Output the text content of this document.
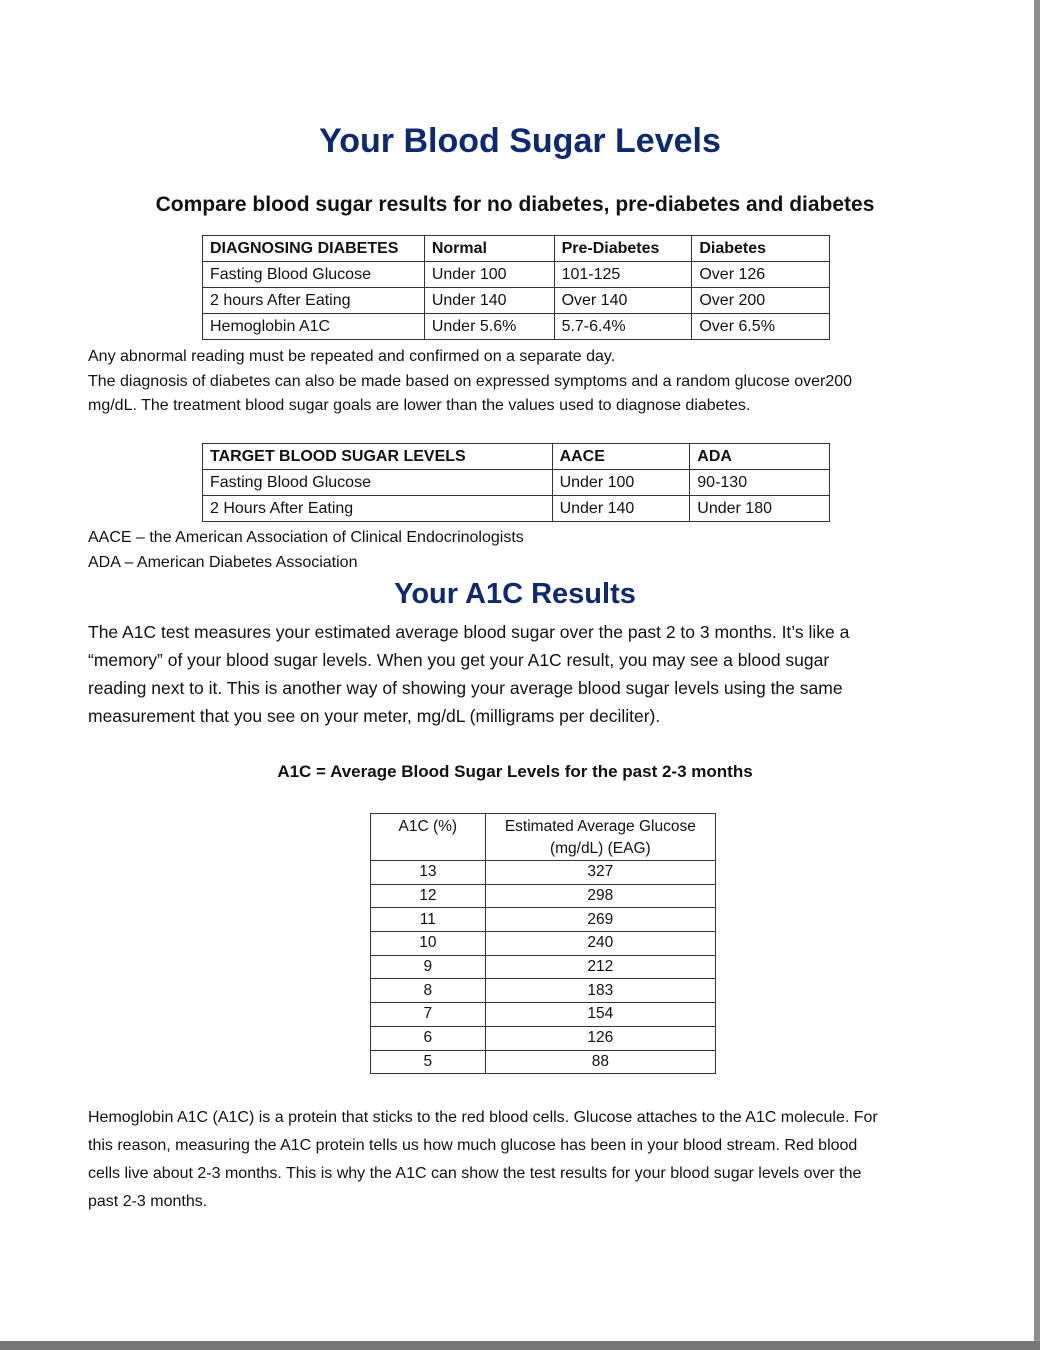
Your Blood Sugar Levels
Compare blood sugar results for no diabetes, pre-diabetes and diabetes
DIAGNOSING DIABETES	Normal	Pre-Diabetes	Diabetes
Fasting Blood Glucose	Under 100	101-125	Over 126
2 hours After Eating	Under 140	Over 140	Over 200
Hemoglobin A1C	Under 5.6%	5.7-6.4%	Over 6.5%
Any abnormal reading must be repeated and confirmed on a separate day.
The diagnosis of diabetes can also be made based on expressed symptoms and a random glucose over200
mg/dL. The treatment blood sugar goals are lower than the values used to diagnose diabetes.
TARGET BLOOD SUGAR LEVELS	AACE	ADA
Fasting Blood Glucose	Under 100	90-130
2 Hours After Eating	Under 140	Under 180
AACE – the American Association of Clinical Endocrinologists
ADA – American Diabetes Association
Your A1C Results
The A1C test measures your estimated average blood sugar over the past 2 to 3 months. It’s like a
“memory” of your blood sugar levels. When you get your A1C result, you may see a blood sugar
reading next to it. This is another way of showing your average blood sugar levels using the same
measurement that you see on your meter, mg/dL (milligrams per deciliter).
A1C = Average Blood Sugar Levels for the past 2-3 months
A1C (%)	Estimated Average Glucose
(mg/dL) (EAG)

13	327
12	298
11	269
10	240
9	212
8	183
7	154
6	126
5	88
Hemoglobin A1C (A1C) is a protein that sticks to the red blood cells. Glucose attaches to the A1C molecule. For
this reason, measuring the A1C protein tells us how much glucose has been in your blood stream. Red blood
cells live about 2-3 months. This is why the A1C can show the test results for your blood sugar levels over the
past 2-3 months.
